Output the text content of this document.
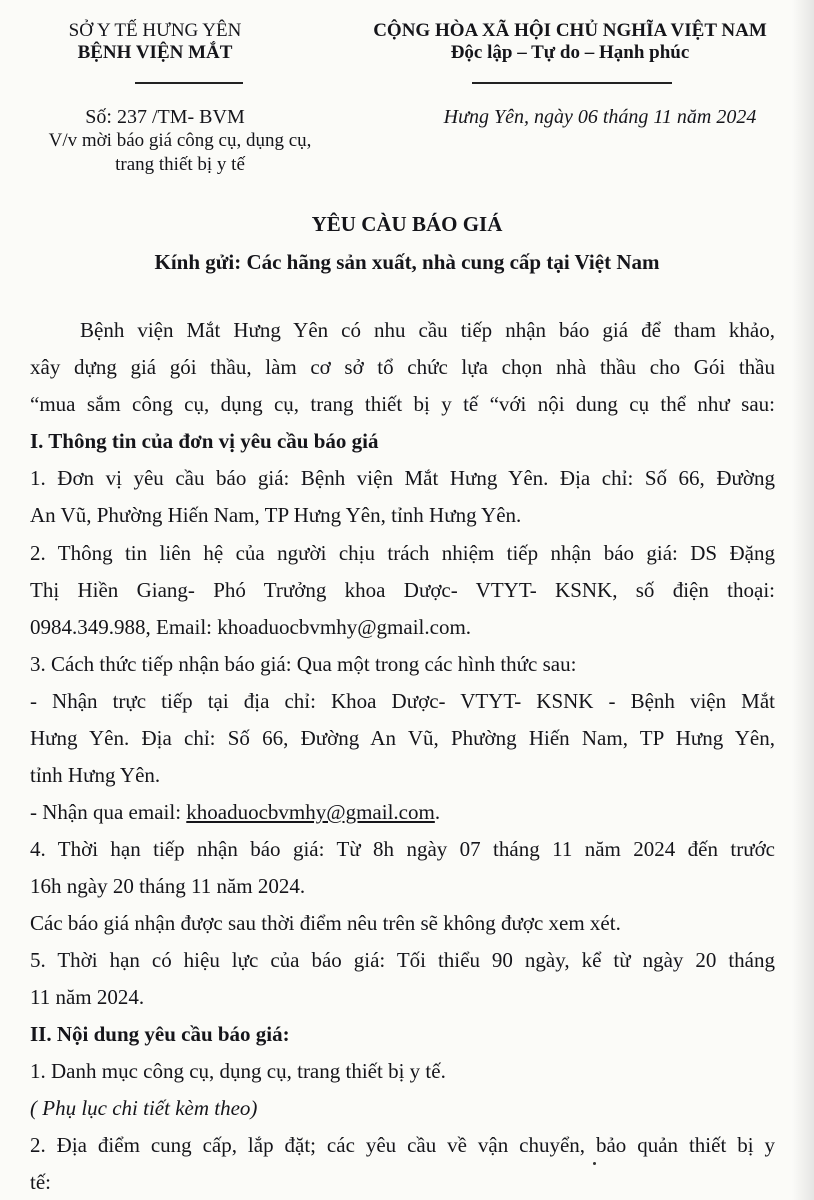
SỞ Y TẾ HƯNG YÊN
BỆNH VIỆN MẮT
Số: 237 /TM- BVM
V/v mời báo giá công cụ, dụng cụ,
trang thiết bị y tế
CỘNG HÒA XÃ HỘI CHỦ NGHĨA VIỆT NAM
Độc lập – Tự do – Hạnh phúc
Hưng Yên, ngày 06 tháng 11 năm 2024
YÊU CÀU BÁO GIÁ
Kính gửi: Các hãng sản xuất, nhà cung cấp tại Việt Nam
Bệnh viện Mắt Hưng Yên có nhu cầu tiếp nhận báo giá để tham khảo,
xây dựng giá gói thầu, làm cơ sở tổ chức lựa chọn nhà thầu cho Gói thầu
“mua sắm công cụ, dụng cụ, trang thiết bị y tế “với nội dung cụ thể như sau:
I. Thông tin của đơn vị yêu cầu báo giá
1. Đơn vị yêu cầu báo giá: Bệnh viện Mắt Hưng Yên. Địa chỉ: Số 66, Đường
An Vũ, Phường Hiến Nam, TP Hưng Yên, tỉnh Hưng Yên.
2. Thông tin liên hệ của người chịu trách nhiệm tiếp nhận báo giá: DS Đặng
Thị Hiền Giang- Phó Trưởng khoa Dược- VTYT- KSNK, số điện thoại:
0984.349.988, Email: khoaduocbvmhy@gmail.com.
3. Cách thức tiếp nhận báo giá: Qua một trong các hình thức sau:
- Nhận trực tiếp tại địa chỉ: Khoa Dược- VTYT- KSNK - Bệnh viện Mắt
Hưng Yên. Địa chỉ: Số 66, Đường An Vũ, Phường Hiến Nam, TP Hưng Yên,
tỉnh Hưng Yên.
- Nhận qua email: khoaduocbvmhy@gmail.com.
4. Thời hạn tiếp nhận báo giá: Từ 8h ngày 07 tháng 11 năm 2024 đến trước
16h ngày 20 tháng 11 năm 2024.
Các báo giá nhận được sau thời điểm nêu trên sẽ không được xem xét.
5. Thời hạn có hiệu lực của báo giá: Tối thiểu 90 ngày, kể từ ngày 20 tháng
11 năm 2024.
II. Nội dung yêu cầu báo giá:
1. Danh mục công cụ, dụng cụ, trang thiết bị y tế.
( Phụ lục chi tiết kèm theo)
2. Địa điểm cung cấp, lắp đặt; các yêu cầu về vận chuyển, bảo quản thiết bị y
tế:
